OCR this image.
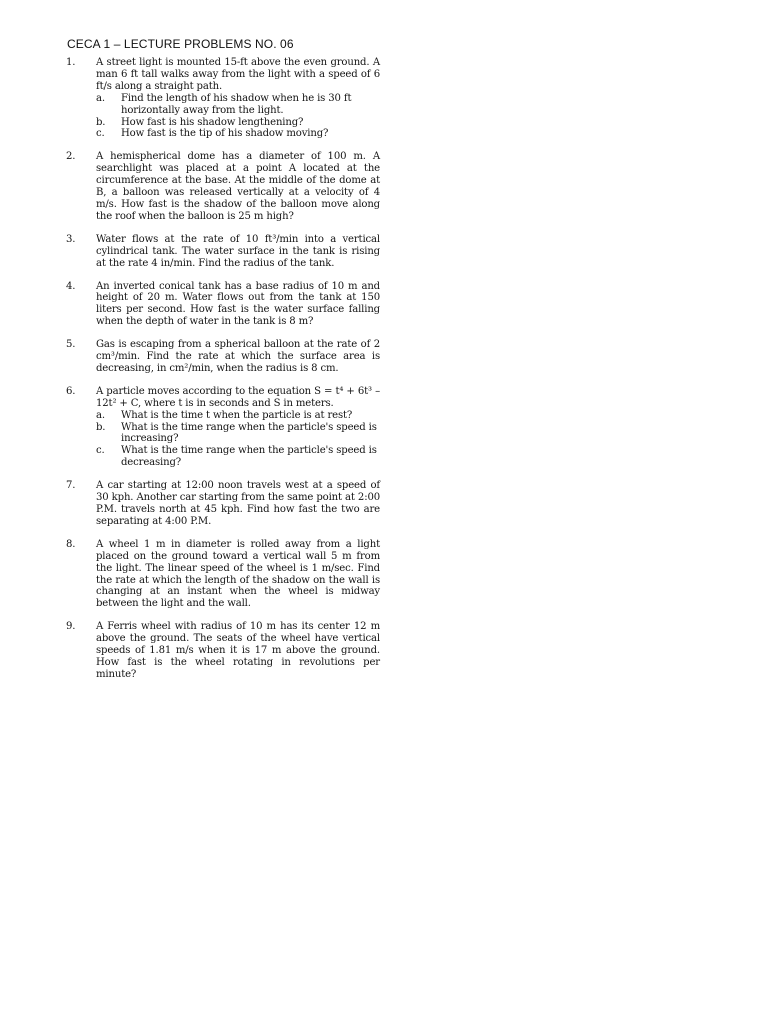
CECA 1 – LECTURE PROBLEMS NO. 06
1.	A street light is mounted 15-ft above the even ground. A man 6 ft tall walks away from the light with a speed of 6 ft/s along a straight path.
a.	Find the length of his shadow when he is 30 ft horizontally away from the light.
b.	How fast is his shadow lengthening?
c.	How fast is the tip of his shadow moving?
2.	A hemispherical dome has a diameter of 100 m. A searchlight was placed at a point A located at the circumference at the base. At the middle of the dome at B, a balloon was released vertically at a velocity of 4 m/s. How fast is the shadow of the balloon move along the roof when the balloon is 25 m high?
3.	Water flows at the rate of 10 ft³/min into a vertical cylindrical tank. The water surface in the tank is rising at the rate 4 in/min. Find the radius of the tank.
4.	An inverted conical tank has a base radius of 10 m and height of 20 m. Water flows out from the tank at 150 liters per second. How fast is the water surface falling when the depth of water in the tank is 8 m?
5.	Gas is escaping from a spherical balloon at the rate of 2 cm³/min. Find the rate at which the surface area is decreasing, in cm²/min, when the radius is 8 cm.
6.	A particle moves according to the equation S = t⁴ + 6t³ – 12t² + C, where t is in seconds and S in meters.
a.	What is the time t when the particle is at rest?
b.	What is the time range when the particle's speed is increasing?
c.	What is the time range when the particle's speed is decreasing?
7.	A car starting at 12:00 noon travels west at a speed of 30 kph. Another car starting from the same point at 2:00 P.M. travels north at 45 kph. Find how fast the two are separating at 4:00 P.M.
8.	A wheel 1 m in diameter is rolled away from a light placed on the ground toward a vertical wall 5 m from the light. The linear speed of the wheel is 1 m/sec. Find the rate at which the length of the shadow on the wall is changing at an instant when the wheel is midway between the light and the wall.
9.	A Ferris wheel with radius of 10 m has its center 12 m above the ground. The seats of the wheel have vertical speeds of 1.81 m/s when it is 17 m above the ground. How fast is the wheel rotating in revolutions per minute?
